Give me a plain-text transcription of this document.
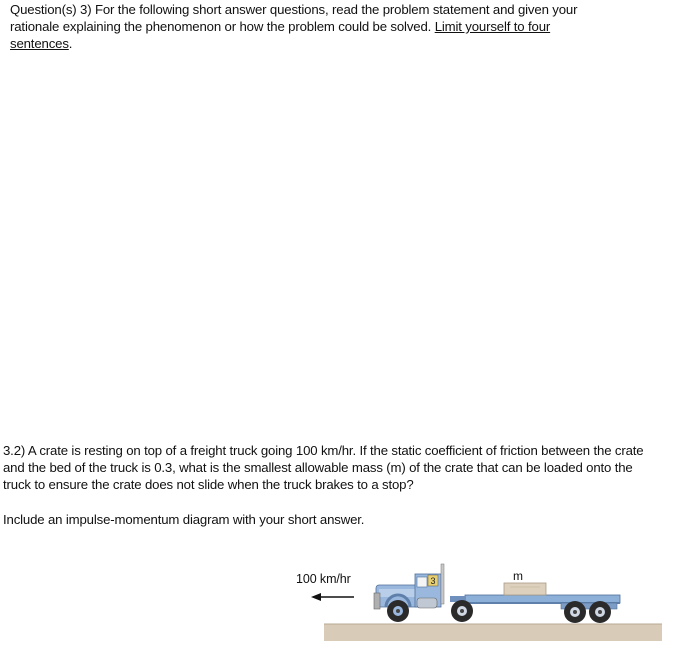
Question(s) 3) For the following short answer questions, read the problem statement and given your rationale explaining the phenomenon or how the problem could be solved. Limit yourself to four sentences.

3.2) A crate is resting on top of a freight truck going 100 km/hr. If the static coefficient of friction between the crate and the bed of the truck is 0.3, what is the smallest allowable mass (m) of the crate that can be loaded onto the truck to ensure the crate does not slide when the truck brakes to a stop?

Include an impulse-momentum diagram with your short answer.

3
100 km/hr	m
